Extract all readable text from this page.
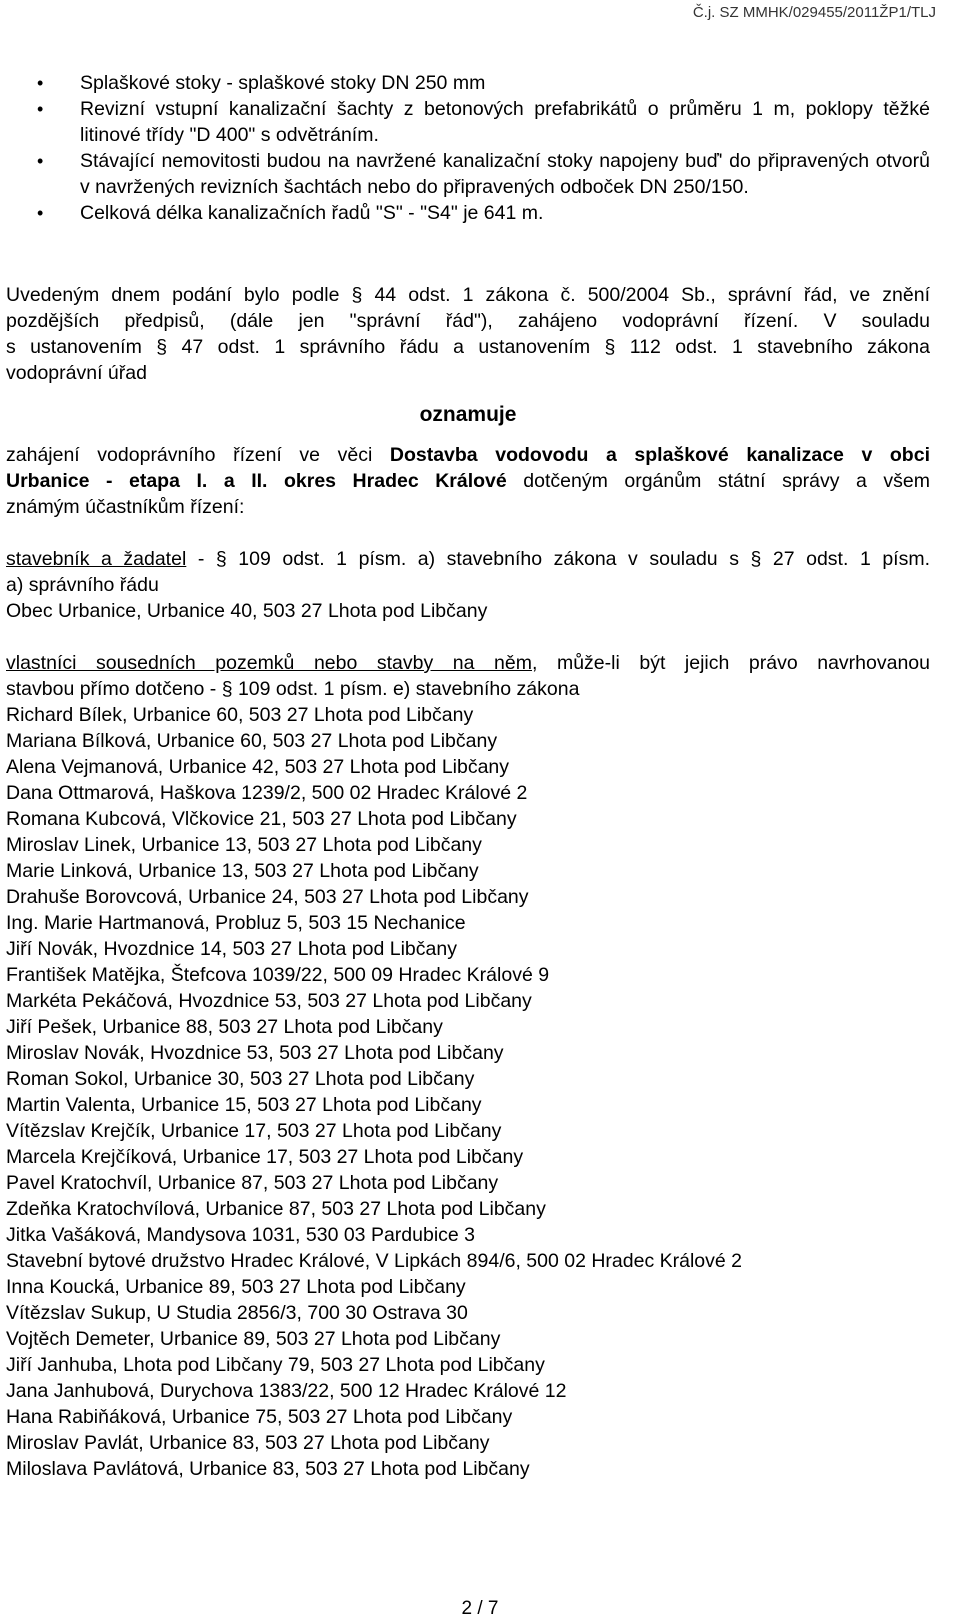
Č.j. SZ MMHK/029455/2011ŽP1/TLJ
• Splaškové stoky - splaškové stoky DN 250 mm
• Revizní vstupní kanalizační šachty z betonových prefabrikátů o průměru 1 m, poklopy těžké litinové třídy "D 400" s odvětráním.
• Stávající nemovitosti budou na navržené kanalizační stoky napojeny buď' do připravených otvorů v navržených revizních šachtách nebo do připravených odboček DN 250/150.
• Celková délka kanalizačních řadů "S" - "S4" je 641 m.
Uvedeným dnem podání bylo podle § 44 odst. 1 zákona č. 500/2004 Sb., správní řád, ve znění
pozdějších předpisů, (dále jen "správní řád"), zahájeno vodoprávní řízení. V souladu
s ustanovením § 47 odst. 1 správního řádu a ustanovením § 112 odst. 1 stavebního zákona
vodoprávní úřad
oznamuje
zahájení vodoprávního řízení ve věci Dostavba vodovodu a splaškové kanalizace v obci
Urbanice - etapa I. a II. okres Hradec Králové dotčeným orgánům státní správy a všem
známým účastníkům řízení:
stavebník a žadatel - § 109 odst. 1 písm. a) stavebního zákona v souladu s § 27 odst. 1 písm.
a) správního řádu
Obec Urbanice, Urbanice 40, 503 27 Lhota pod Libčany
vlastníci sousedních pozemků nebo stavby na něm, může-li být jejich právo navrhovanou
stavbou přímo dotčeno - § 109 odst. 1 písm. e) stavebního zákona
Richard Bílek, Urbanice 60, 503 27 Lhota pod Libčany
Mariana Bílková, Urbanice 60, 503 27 Lhota pod Libčany
Alena Vejmanová, Urbanice 42, 503 27 Lhota pod Libčany
Dana Ottmarová, Haškova 1239/2, 500 02 Hradec Králové 2
Romana Kubcová, Vlčkovice 21, 503 27 Lhota pod Libčany
Miroslav Linek, Urbanice 13, 503 27 Lhota pod Libčany
Marie Linková, Urbanice 13, 503 27 Lhota pod Libčany
Drahuše Borovcová, Urbanice 24, 503 27 Lhota pod Libčany
Ing. Marie Hartmanová, Probluz 5, 503 15 Nechanice
Jiří Novák, Hvozdnice 14, 503 27 Lhota pod Libčany
František Matějka, Štefcova 1039/22, 500 09 Hradec Králové 9
Markéta Pekáčová, Hvozdnice 53, 503 27 Lhota pod Libčany
Jiří Pešek, Urbanice 88, 503 27 Lhota pod Libčany
Miroslav Novák, Hvozdnice 53, 503 27 Lhota pod Libčany
Roman Sokol, Urbanice 30, 503 27 Lhota pod Libčany
Martin Valenta, Urbanice 15, 503 27 Lhota pod Libčany
Vítězslav Krejčík, Urbanice 17, 503 27 Lhota pod Libčany
Marcela Krejčíková, Urbanice 17, 503 27 Lhota pod Libčany
Pavel Kratochvíl, Urbanice 87, 503 27 Lhota pod Libčany
Zdeňka Kratochvílová, Urbanice 87, 503 27 Lhota pod Libčany
Jitka Vašáková, Mandysova 1031, 530 03 Pardubice 3
Stavební bytové družstvo Hradec Králové, V Lipkách 894/6, 500 02 Hradec Králové 2
Inna Koucká, Urbanice 89, 503 27 Lhota pod Libčany
Vítězslav Sukup, U Studia 2856/3, 700 30 Ostrava 30
Vojtěch Demeter, Urbanice 89, 503 27 Lhota pod Libčany
Jiří Janhuba, Lhota pod Libčany 79, 503 27 Lhota pod Libčany
Jana Janhubová, Durychova 1383/22, 500 12 Hradec Králové 12
Hana Rabiňáková, Urbanice 75, 503 27 Lhota pod Libčany
Miroslav Pavlát, Urbanice 83, 503 27 Lhota pod Libčany
Miloslava Pavlátová, Urbanice 83, 503 27 Lhota pod Libčany
2 / 7
